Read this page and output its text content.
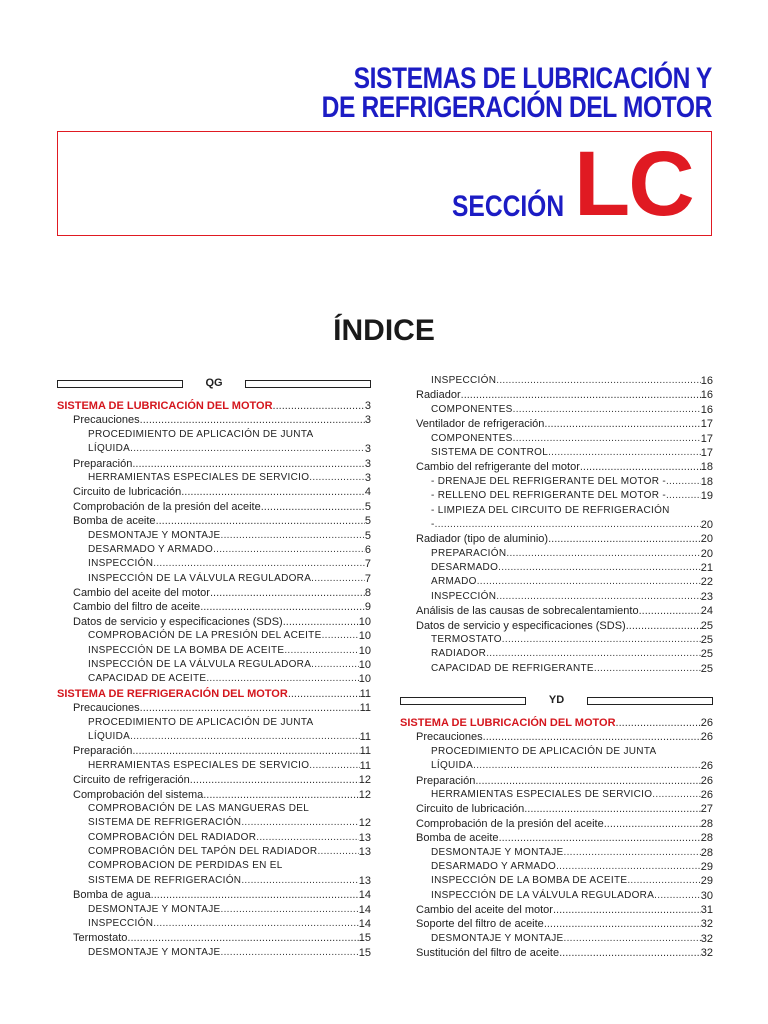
SISTEMAS DE LUBRICACIÓN Y
DE REFRIGERACIÓN DEL MOTOR
SECCIÓN LC
ÍNDICE
QG
YD
SISTEMA DE LUBRICACIÓN DEL MOTOR .....	3
Precauciones .....	3
PROCEDIMIENTO DE APLICACIÓN DE JUNTA
LÍQUIDA .....	3
Preparación .....	3
HERRAMIENTAS ESPECIALES DE SERVICIO .....	3
Circuito de lubricación .....	4
Comprobación de la presión del aceite .....	5
Bomba de aceite .....	5
DESMONTAJE Y MONTAJE .....	5
DESARMADO Y ARMADO .....	6
INSPECCIÓN .....	7
INSPECCIÓN DE LA VÁLVULA REGULADORA .....	7
Cambio del aceite del motor .....	8
Cambio del filtro de aceite .....	9
Datos de servicio y especificaciones (SDS) .....	10
COMPROBACIÓN DE LA PRESIÓN DEL ACEITE .....	10
INSPECCIÓN DE LA BOMBA DE ACEITE .....	10
INSPECCIÓN DE LA VÁLVULA REGULADORA .....	10
CAPACIDAD DE ACEITE .....	10
SISTEMA DE REFRIGERACIÓN DEL MOTOR .....	11
Precauciones .....	11
PROCEDIMIENTO DE APLICACIÓN DE JUNTA
LÍQUIDA .....	11
Preparación .....	11
HERRAMIENTAS ESPECIALES DE SERVICIO .....	11
Circuito de refrigeración .....	12
Comprobación del sistema .....	12
COMPROBACIÓN DE LAS MANGUERAS DEL
SISTEMA DE REFRIGERACIÓN .....	12
COMPROBACIÓN DEL RADIADOR .....	13
COMPROBACIÓN DEL TAPÓN DEL RADIADOR .....	13
COMPROBACIÓN DE PÉRDIDAS EN EL
SISTEMA DE REFRIGERACIÓN .....	13
Bomba de agua .....	14
DESMONTAJE Y MONTAJE .....	14
INSPECCIÓN .....	14
Termostato .....	15
DESMONTAJE Y MONTAJE .....	15
INSPECCIÓN .....	16
Radiador .....	16
COMPONENTES .....	16
Ventilador de refrigeración .....	17
COMPONENTES .....	17
SISTEMA DE CONTROL .....	17
Cambio del refrigerante del motor .....	18
- DRENAJE DEL REFRIGERANTE DEL MOTOR - .....	18
- RELLENO DEL REFRIGERANTE DEL MOTOR - .....	19
- LIMPIEZA DEL CIRCUITO DE REFRIGERACIÓN
- .....	20
Radiador (tipo de aluminio) .....	20
PREPARACIÓN .....	20
DESARMADO .....	21
ARMADO .....	22
INSPECCIÓN .....	23
Análisis de las causas de sobrecalentamiento .....	24
Datos de servicio y especificaciones (SDS) .....	25
TERMOSTATO .....	25
RADIADOR .....	25
CAPACIDAD DE REFRIGERANTE .....	25
SISTEMA DE LUBRICACIÓN DEL MOTOR .....	26
Precauciones .....	26
PROCEDIMIENTO DE APLICACIÓN DE JUNTA
LÍQUIDA .....	26
Preparación .....	26
HERRAMIENTAS ESPECIALES DE SERVICIO .....	26
Circuito de lubricación .....	27
Comprobación de la presión del aceite .....	28
Bomba de aceite .....	28
DESMONTAJE Y MONTAJE .....	28
DESARMADO Y ARMADO .....	29
INSPECCIÓN DE LA BOMBA DE ACEITE .....	29
INSPECCIÓN DE LA VÁLVULA REGULADORA .....	30
Cambio del aceite del motor .....	31
Soporte del filtro de aceite .....	32
DESMONTAJE Y MONTAJE .....	32
Sustitución del filtro de aceite .....	32
